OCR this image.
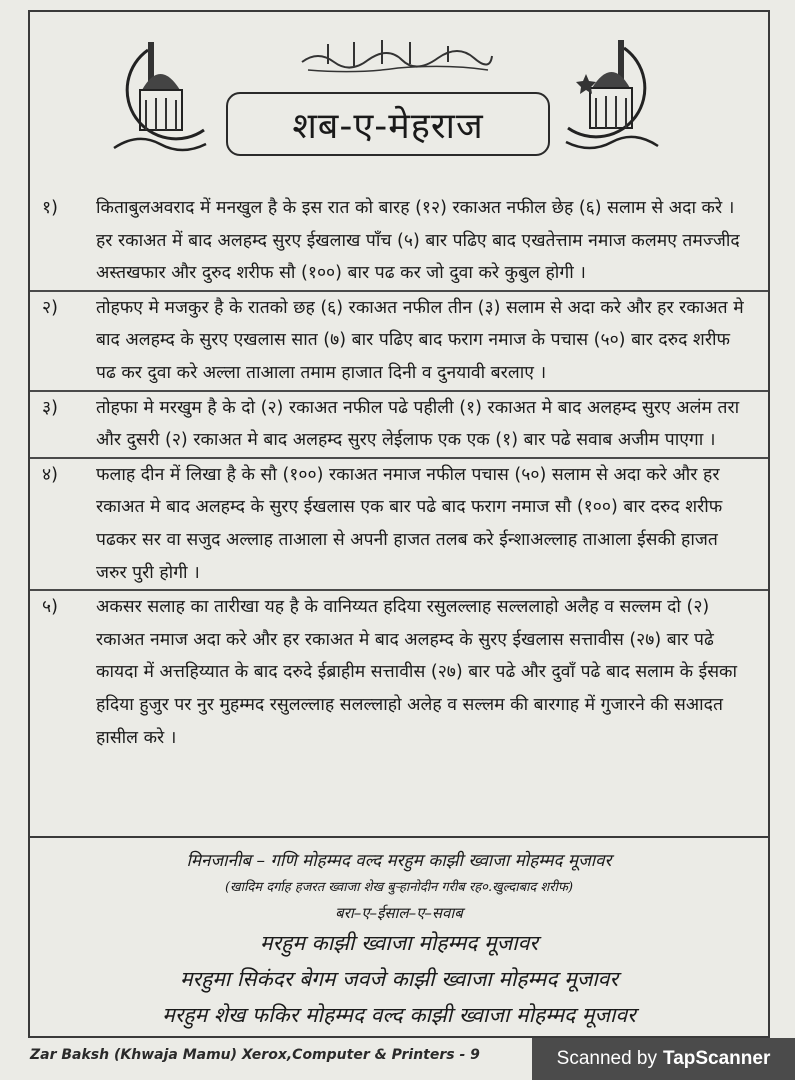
शब-ए-मेहराज
१) किताबुलअवराद में मनखुल है के इस रात को बारह (१२) रकाअत नफील छेह (६) सलाम से अदा करे । हर रकाअत में बाद अलहम्द सुरए ईखलाख पाँच (५) बार पढिए बाद एखतेत्ताम नमाज कलमए तमज्जीद अस्तखफार और दुरुद शरीफ सौ (१००) बार पढ कर जो दुवा करे कुबुल होगी ।
२) तोहफए मे मजकुर है के रातको छह (६) रकाअत नफील तीन (३) सलाम से अदा करे और हर रकाअत मे बाद अलहम्द के सुरए एखलास सात (७) बार पढिए बाद फराग नमाज के पचास (५०) बार दरुद शरीफ पढ कर दुवा करे अल्ला ताआला तमाम हाजात दिनी व दुनयावी बरलाए ।
३) तोहफा मे मरखुम है के दो (२) रकाअत नफील पढे पहीली (१) रकाअत मे बाद अलहम्द सुरए अलंम तरा और दुसरी (२) रकाअत मे बाद अलहम्द सुरए लेईलाफ एक एक (१) बार पढे सवाब अजीम पाएगा ।
४) फलाह दीन में लिखा है के सौ (१००) रकाअत नमाज नफील पचास (५०) सलाम से अदा करे और हर रकाअत मे बाद अलहम्द के सुरए ईखलास एक बार पढे बाद फराग नमाज सौ (१००) बार दरुद शरीफ पढकर सर वा सजुद अल्लाह ताआला से अपनी हाजत तलब करे ईन्शाअल्लाह ताआला ईसकी हाजत जरुर पुरी होगी ।
५) अकसर सलाह का तारीखा यह है के वानिय्यत हदिया रसुलल्लाह सल्ललाहो अलैह व सल्लम दो (२) रकाअत नमाज अदा करे और हर रकाअत मे बाद अलहम्द के सुरए ईखलास सत्तावीस (२७) बार पढे कायदा में अत्तहिय्यात के बाद दरुदे ईब्राहीम सत्तावीस (२७) बार पढे और दुवाँ पढे बाद सलाम के ईसका हदिया हुजुर पर नुर मुहम्मद रसुलल्लाह सलल्लाहो अलेह व सल्लम की बारगाह में गुजारने की सआदत हासील करे ।
मिनजानीब – गणि मोहम्मद वल्द मरहुम काझी ख्वाजा मोहम्मद मूजावर
(खादिम दर्गाह हजरत ख्वाजा शेख बुऱ्हानोदीन गरीब रह०.खुल्दाबाद शरीफ)
बरा–ए–ईसाल–ए–सवाब
मरहुम काझी ख्वाजा मोहम्मद मूजावर
मरहुमा सिकंदर बेगम जवजे काझी ख्वाजा मोहम्मद मूजावर
मरहुम शेख फकिर मोहम्मद वल्द काझी ख्वाजा मोहम्मद मूजावर
Zar Baksh (Khwaja Mamu) Xerox,Computer & Printers - 9	Scanned by TapScanner
